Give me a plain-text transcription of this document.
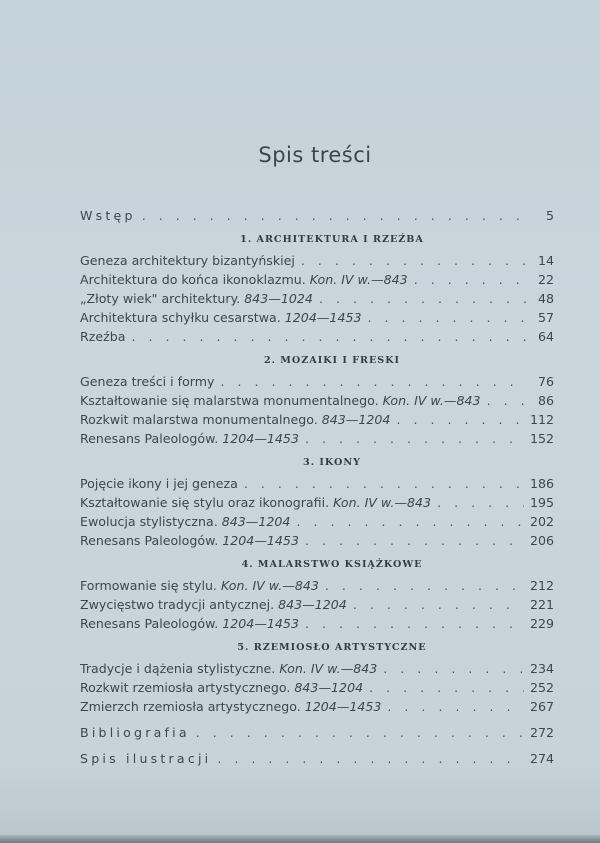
Spis treści
Wstęp . . .	5
1. ARCHITEKTURA I RZEŹBA
Geneza architektury bizantyńskiej . . .	14
Architektura do końca ikonoklazmu. Kon. IV w.—843 . . .	22
„Złoty wiek" architektury. 843—1024 . . .	48
Architektura schyłku cesarstwa. 1204—1453 . . .	57
Rzeźba . . .	64
2. MOZAIKI I FRESKI
Geneza treści i formy . . .	76
Kształtowanie się malarstwa monumentalnego. Kon. IV w.—843 . . .	86
Rozkwit malarstwa monumentalnego. 843—1204 . . .	112
Renesans Paleologów. 1204—1453 . . .	152
3. IKONY
Pojęcie ikony i jej geneza . . .	186
Kształtowanie się stylu oraz ikonografii. Kon. IV w.—843 . . .	195
Ewolucja stylistyczna. 843—1204 . . .	202
Renesans Paleologów. 1204—1453 . . .	206
4. MALARSTWO KSIĄŻKOWE
Formowanie się stylu. Kon. IV w.—843 . . .	212
Zwycięstwo tradycji antycznej. 843—1204 . . .	221
Renesans Paleologów. 1204—1453 . . .	229
5. RZEMIOSŁO ARTYSTYCZNE
Tradycje i dążenia stylistyczne. Kon. IV w.—843 . . .	234
Rozkwit rzemiosła artystycznego. 843—1204 . . .	252
Zmierzch rzemiosła artystycznego. 1204—1453 . . .	267
Bibliografia . . .	272
Spis ilustracji . . .	274
